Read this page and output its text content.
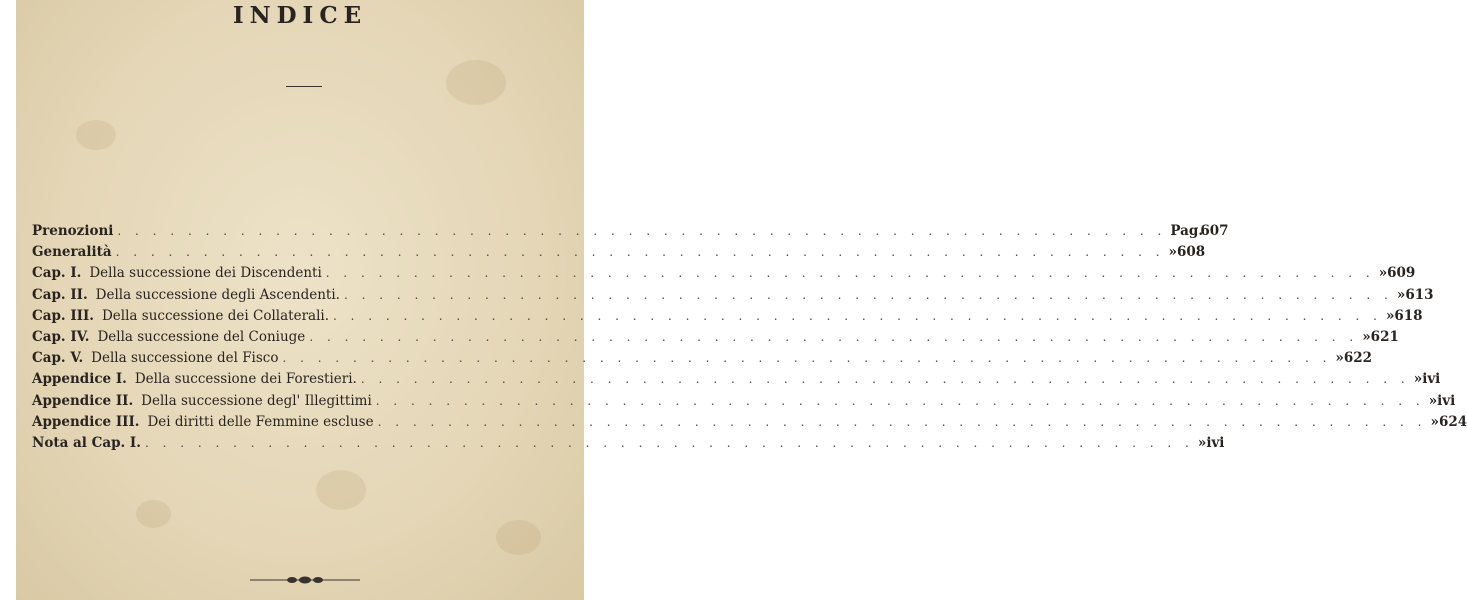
INDICE
Prenozioni . . . . . . . . . . . . . . . . . . . . . . . . . . . . . . . . . . . . . . . . . . . . . . . . . . . . . . . . . . . . Pag.
607
Generalità . . . . . . . . . . . . . . . . . . . . . . . . . . . . . . . . . . . . . . . . . . . . . . . . . . . . . . . . . . . . » 608
Cap. I. Della successione dei Discendenti . . . . . . . . . . . . . . . . . . . . . . . . . . . . . . . . . . . . . . . . . . . . . . . . . . . . . . . . . . . . » 609
Cap. II. Della successione degli Ascendenti. . . . . . . . . . . . . . . . . . . . . . . . . . . . . . . . . . . . . . . . . . . . . . . . . . . . . . . . . . . . . » 613
Cap. III. Della successione dei Collaterali. . . . . . . . . . . . . . . . . . . . . . . . . . . . . . . . . . . . . . . . . . . . . . . . . . . . . . . . . . . . . » 618
Cap. IV. Della successione del Coniuge . . . . . . . . . . . . . . . . . . . . . . . . . . . . . . . . . . . . . . . . . . . . . . . . . . . . . . . . . . . . » 621
Cap. V. Della successione del Fisco . . . . . . . . . . . . . . . . . . . . . . . . . . . . . . . . . . . . . . . . . . . . . . . . . . . . . . . . . . . . » 622
Appendice I. Della successione dei Forestieri. . . . . . . . . . . . . . . . . . . . . . . . . . . . . . . . . . . . . . . . . . . . . . . . . . . . . . . . . . . . . » ivi
Appendice II. Della successione degl' Illegittimi . . . . . . . . . . . . . . . . . . . . . . . . . . . . . . . . . . . . . . . . . . . . . . . . . . . . . . . . . . . . » ivi
Appendice III. Dei diritti delle Femmine escluse . . . . . . . . . . . . . . . . . . . . . . . . . . . . . . . . . . . . . . . . . . . . . . . . . . . . . . . . . . . . » 624
Nota al Cap. I. . . . . . . . . . . . . . . . . . . . . . . . . . . . . . . . . . . . . . . . . . . . . . . . . . . . . . . . . . . . . » ivi
